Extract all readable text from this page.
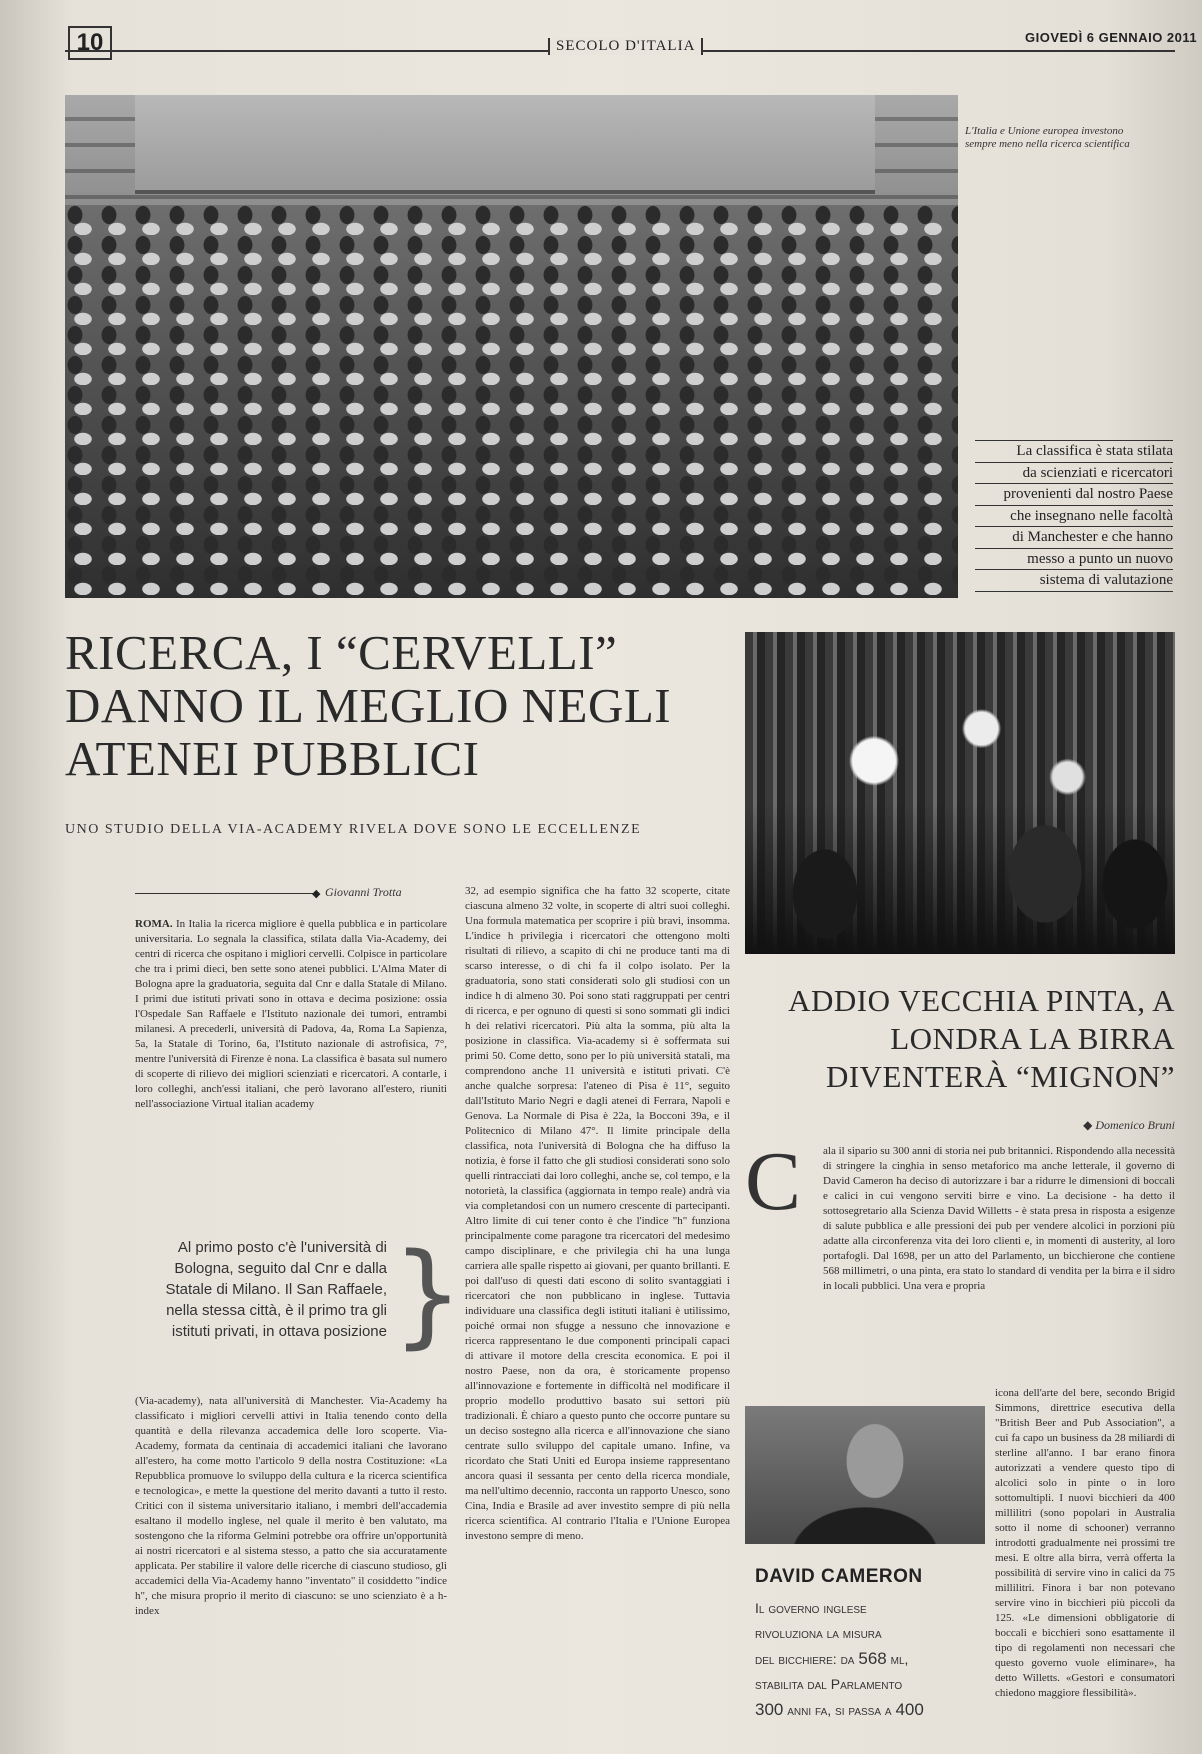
10	SECOLO D'ITALIA
GIOVEDÌ 6 GENNAIO 2011
L'Italia e Unione europea investono sempre meno nella ricerca scientifica
La classifica è stata stilata
da scienziati e ricercatori
provenienti dal nostro Paese
che insegnano nelle facoltà
di Manchester e che hanno
messo a punto un nuovo
sistema di valutazione
RICERCA, I “CERVELLI” DANNO IL MEGLIO NEGLI ATENEI PUBBLICI
UNO STUDIO DELLA VIA-ACADEMY RIVELA DOVE SONO LE ECCELLENZE
◆ Giovanni Trotta

ROMA. In Italia la ricerca migliore è quella pubblica e in particolare universitaria. Lo segnala la classifica, stilata dalla Via-Academy, dei centri di ricerca che ospitano i migliori cervelli. Colpisce in particolare che tra i primi dieci, ben sette sono atenei pubblici. L'Alma Mater di Bologna apre la graduatoria, seguita dal Cnr e dalla Statale di Milano. I primi due istituti privati sono in ottava e decima posizione: ossia l'Ospedale San Raffaele e l'Istituto nazionale dei tumori, entrambi milanesi. A precederli, università di Padova, 4a, Roma La Sapienza, 5a, la Statale di Torino, 6a, l'Istituto nazionale di astrofisica, 7°, mentre l'università di Firenze è nona. La classifica è basata sul numero di scoperte di rilievo dei migliori scienziati e ricercatori. A contarle, i loro colleghi, anch'essi italiani, che però lavorano all'estero, riuniti nell'associazione Virtual italian academy

Al primo posto c'è l'università di Bologna, seguito dal Cnr e dalla Statale di Milano. Il San Raffaele, nella stessa città, è il primo tra gli istituti privati, in ottava posizione }

(Via-academy), nata all'università di Manchester. Via-Academy ha classificato i migliori cervelli attivi in Italia tenendo conto della quantità e della rilevanza accademica delle loro scoperte. Via-Academy, formata da centinaia di accademici italiani che lavorano all'estero, ha come motto l'articolo 9 della nostra Costituzione: «La Repubblica promuove lo sviluppo della cultura e la ricerca scientifica e tecnologica», e mette la questione del merito davanti a tutto il resto. Critici con il sistema universitario italiano, i membri dell'accademia esaltano il modello inglese, nel quale il merito è ben valutato, ma sostengono che la riforma Gelmini potrebbe ora offrire un'opportunità ai nostri ricercatori e al sistema stesso, a patto che sia accuratamente applicata. Per stabilire il valore delle ricerche di ciascuno studioso, gli accademici della Via-Academy hanno "inventato" il cosiddetto "indice h", che misura proprio il merito di ciascuno: se uno scienziato è a h-index

32, ad esempio significa che ha fatto 32 scoperte, citate ciascuna almeno 32 volte, in scoperte di altri suoi colleghi. Una formula matematica per scoprire i più bravi, insomma. L'indice h privilegia i ricercatori che ottengono molti risultati di rilievo, a scapito di chi ne produce tanti ma di scarso interesse, o di chi fa il colpo isolato. Per la graduatoria, sono stati considerati solo gli studiosi con un indice h di almeno 30. Poi sono stati raggruppati per centri di ricerca, e per ognuno di questi si sono sommati gli indici h dei relativi ricercatori. Più alta la somma, più alta la posizione in classifica. Via-academy si è soffermata sui primi 50. Come detto, sono per lo più università statali, ma comprendono anche 11 università e istituti privati. C'è anche qualche sorpresa: l'ateneo di Pisa è 11°, seguito dall'Istituto Mario Negri e dagli atenei di Ferrara, Napoli e Genova. La Normale di Pisa è 22a, la Bocconi 39a, e il Politecnico di Milano 47°. Il limite principale della classifica, nota l'università di Bologna che ha diffuso la notizia, è forse il fatto che gli studiosi considerati sono solo quelli rintracciati dai loro colleghi, anche se, col tempo, e la notorietà, la classifica (aggiornata in tempo reale) andrà via via completandosi con un numero crescente di partecipanti. Altro limite di cui tener conto è che l'indice "h" funziona principalmente come paragone tra ricercatori del medesimo campo disciplinare, e che privilegia chi ha una lunga carriera alle spalle rispetto ai giovani, per quanto brillanti. E poi dall'uso di questi dati escono di solito svantaggiati i ricercatori che non pubblicano in inglese. Tuttavia individuare una classifica degli istituti italiani è utilissimo, poiché ormai non sfugge a nessuno che innovazione e ricerca rappresentano le due componenti principali capaci di attivare il motore della crescita economica. E poi il nostro Paese, non da ora, è storicamente propenso all'innovazione e fortemente in difficoltà nel modificare il proprio modello produttivo basato sui settori più tradizionali. È chiaro a questo punto che occorre puntare su un deciso sostegno alla ricerca e all'innovazione che siano centrate sullo sviluppo del capitale umano. Infine, va ricordato che Stati Uniti ed Europa insieme rappresentano ancora quasi il sessanta per cento della ricerca mondiale, ma nell'ultimo decennio, racconta un rapporto Unesco, sono Cina, India e Brasile ad aver investito sempre di più nella ricerca scientifica. Al contrario l'Italia e l'Unione Europea investono sempre di meno.

ADDIO VECCHIA PINTA, A LONDRA LA BIRRA DIVENTERÀ “MIGNON”
◆ Domenico Bruni
C	ala il sipario su 300 anni di storia nei pub britannici. Rispondendo alla necessità di stringere la cinghia in senso metaforico ma anche letterale, il governo di David Cameron ha deciso di autorizzare i bar a ridurre le dimensioni di boccali e calici in cui vengono serviti birre e vino. La decisione - ha detto il sottosegretario alla Scienza David Willetts - è stata presa in risposta a esigenze di salute pubblica e alle pressioni dei pub per vendere alcolici in porzioni più adatte alla circonferenza vita dei loro clienti e, in momenti di austerity, al loro portafogli. Dal 1698, per un atto del Parlamento, un bicchierone che contiene 568 millimetri, o una pinta, era stato lo standard di vendita per la birra e il sidro in locali pubblici. Una vera e propria

icona dell'arte del bere, secondo Brigid Simmons, direttrice esecutiva della "British Beer and Pub Association", a cui fa capo un business da 28 miliardi di sterline all'anno. I bar erano finora autorizzati a vendere questo tipo di alcolici solo in pinte o in loro sottomultipli. I nuovi bicchieri da 400 millilitri (sono popolari in Australia sotto il nome di schooner) verranno introdotti gradualmente nei prossimi tre mesi. E oltre alla birra, verrà offerta la possibilità di servire vino in calici da 75 millilitri. Finora i bar non potevano servire vino in bicchieri più piccoli da 125. «Le dimensioni obbligatorie di boccali e bicchieri sono esattamente il tipo di regolamenti non necessari che questo governo vuole eliminare», ha detto Willetts. «Gestori e consumatori chiedono maggiore flessibilità».

DAVID CAMERON
Il governo inglese
rivoluziona la misura
del bicchiere: da 568 ml,
stabilita dal Parlamento
300 anni fa, si passa a 400
